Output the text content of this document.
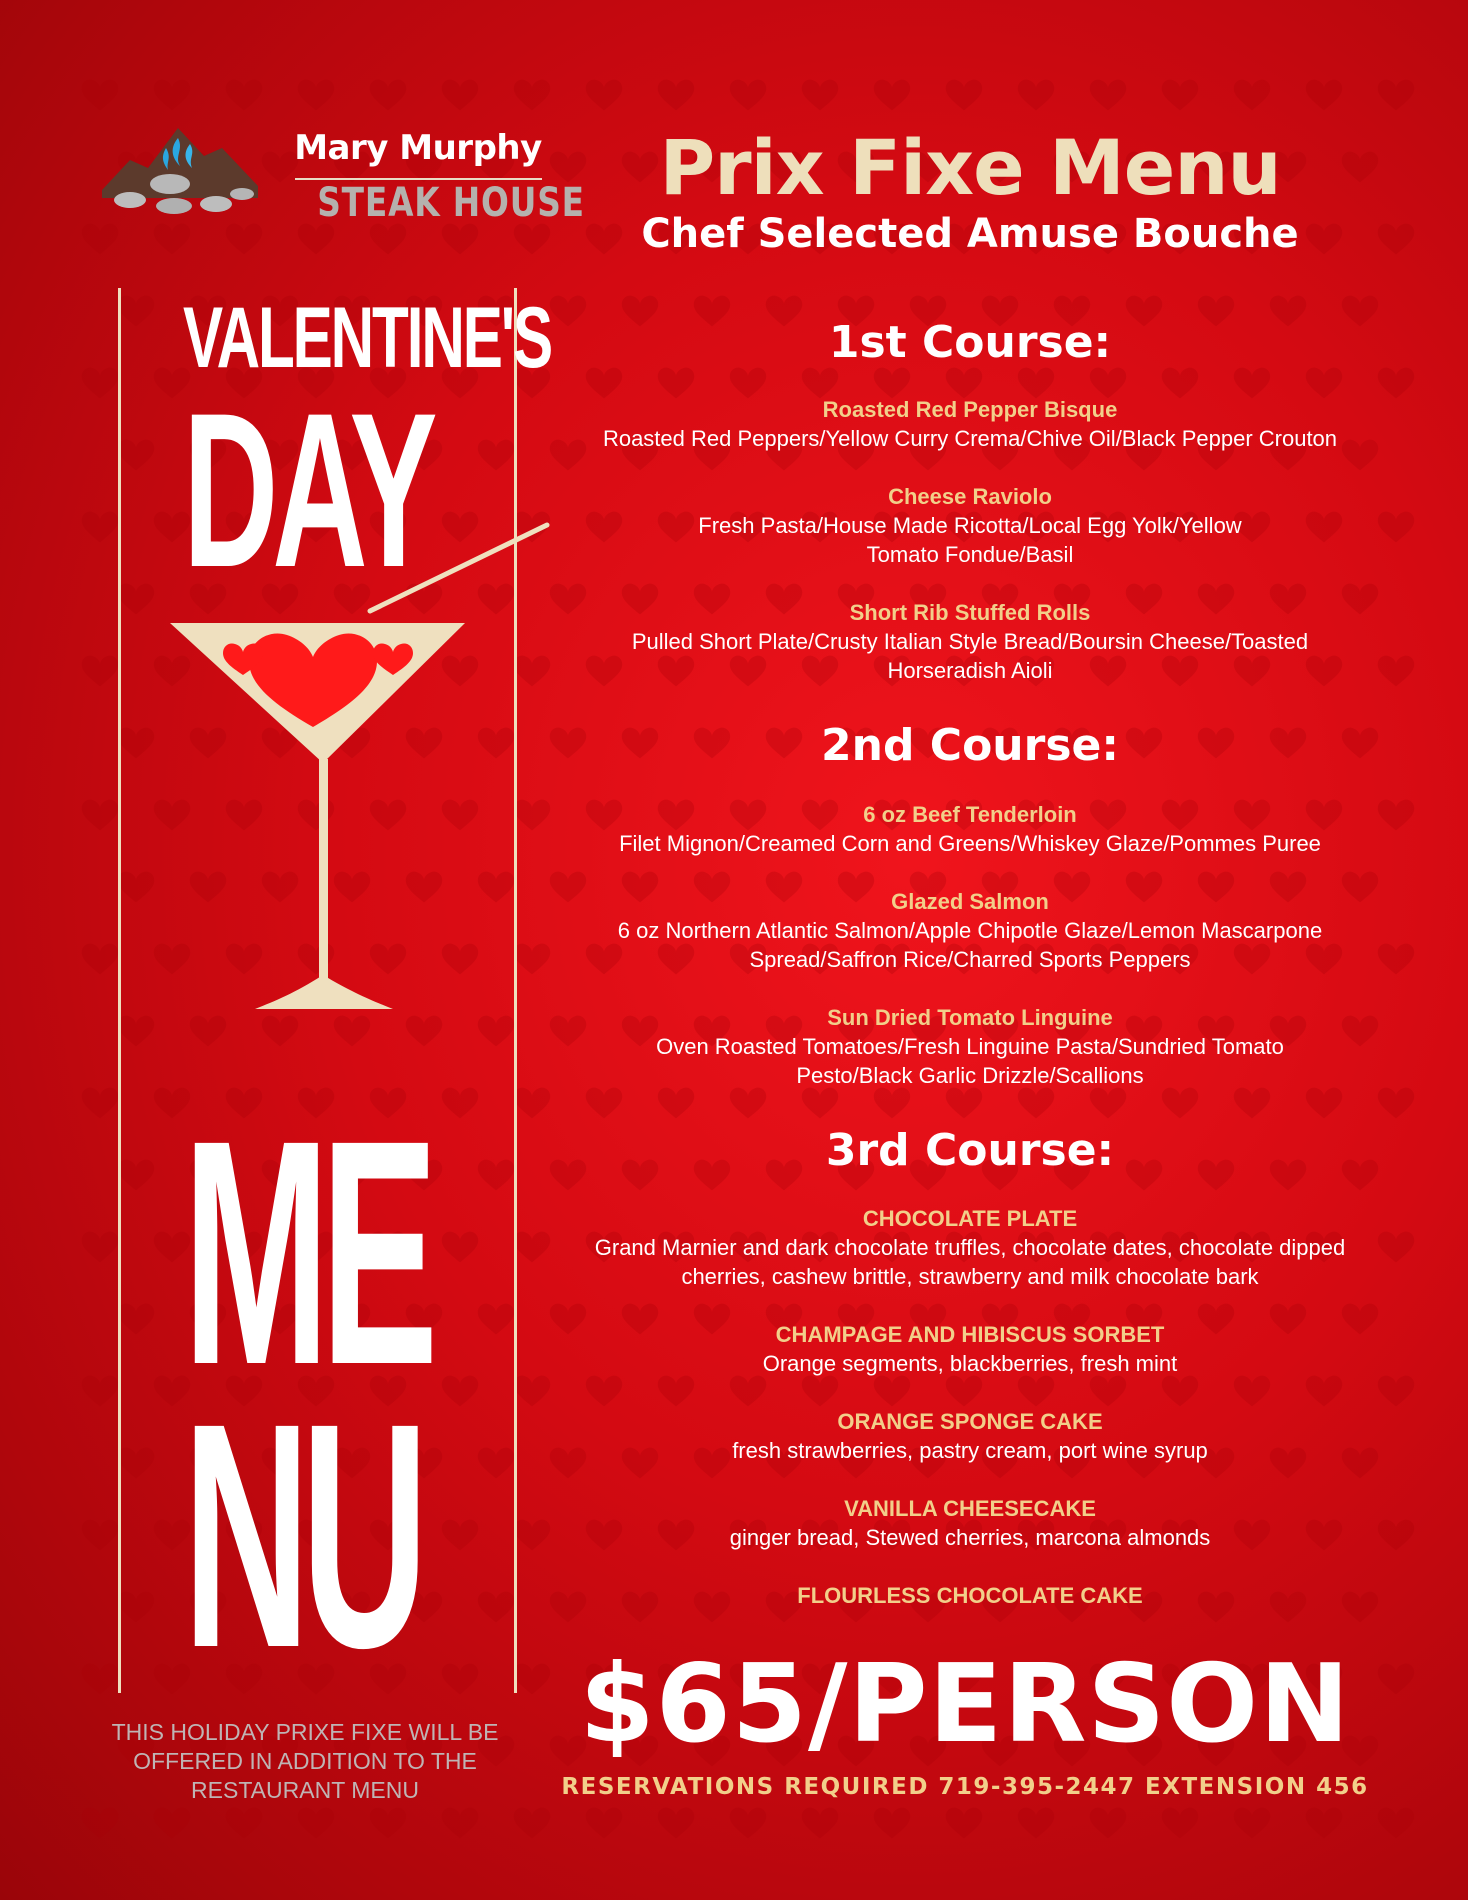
Mary Murphy
STEAK HOUSE
VALENTINE'S
DAY
ME
NU
THIS HOLIDAY PRIXE FIXE WILL BE OFFERED IN ADDITION TO THE RESTAURANT MENU
Prix Fixe Menu
Chef Selected Amuse Bouche
1st Course:
Roasted Red Pepper Bisque
Roasted Red Peppers/Yellow Curry Crema/Chive Oil/Black Pepper Crouton
Cheese Raviolo
Fresh Pasta/House Made Ricotta/Local Egg Yolk/Yellow Tomato Fondue/Basil
Short Rib Stuffed Rolls
Pulled Short Plate/Crusty Italian Style Bread/Boursin Cheese/Toasted Horseradish Aioli
2nd Course:
6 oz Beef Tenderloin
Filet Mignon/Creamed Corn and Greens/Whiskey Glaze/Pommes Puree
Glazed Salmon
6 oz Northern Atlantic Salmon/Apple Chipotle Glaze/Lemon Mascarpone Spread/Saffron Rice/Charred Sports Peppers
Sun Dried Tomato Linguine
Oven Roasted Tomatoes/Fresh Linguine Pasta/Sundried Tomato Pesto/Black Garlic Drizzle/Scallions
3rd Course:
CHOCOLATE PLATE
Grand Marnier and dark chocolate truffles, chocolate dates, chocolate dipped cherries, cashew brittle, strawberry and milk chocolate bark
CHAMPAGE AND HIBISCUS SORBET
Orange segments, blackberries, fresh mint
ORANGE SPONGE CAKE
fresh strawberries, pastry cream, port wine syrup
VANILLA CHEESECAKE
ginger bread, Stewed cherries, marcona almonds
FLOURLESS CHOCOLATE CAKE
$65/PERSON
RESERVATIONS REQUIRED 719-395-2447 EXTENSION 456
